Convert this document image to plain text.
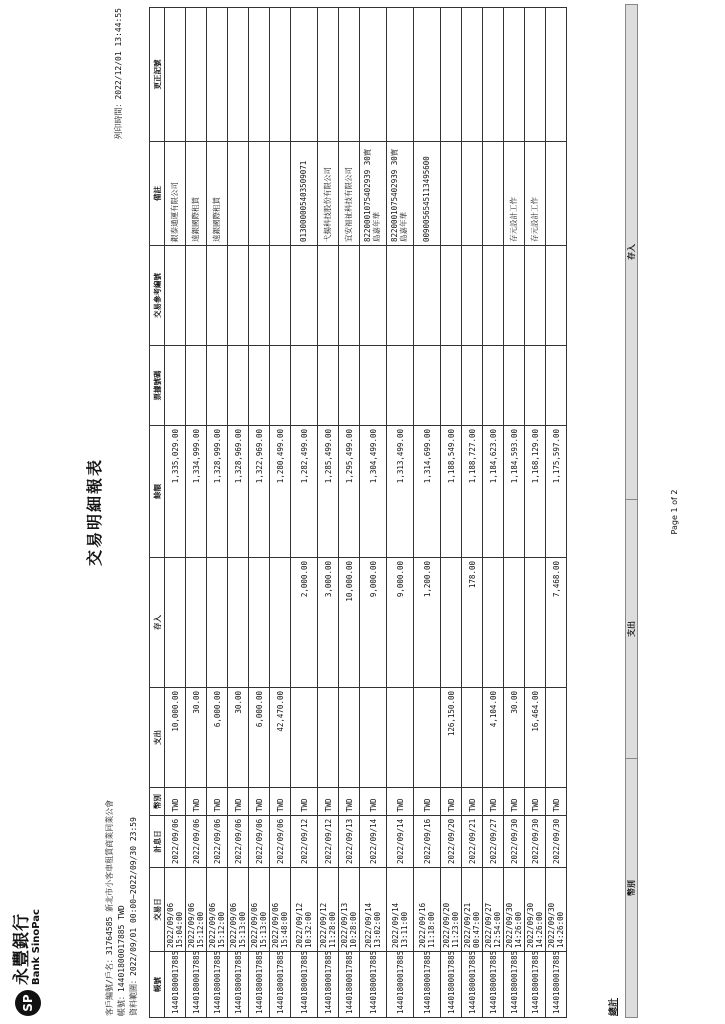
SP
永豐銀行
Bank SinoPac
交易明細報表
客戶編號/戶名：31764585 新北市小客車租賃商業同業公會 帳號：14401800017885 TWD 資料範圍：2022/09/01 00:00~2022/09/30 23:59
列印時間：2022/12/01 13:44:55
帳號	交易日	計息日	幣別	支出	存入	餘額	票據號碼	交易參考編號	備註	更正記號
14401800017885	2022/09/06 15:04:00	2022/09/06	TWD	10,000.00		1,335,029.00			銀泰通運有限公司	
14401800017885	2022/09/06 15:12:00	2022/09/06	TWD	30.00		1,334,999.00			遠銀國際租賃	
14401800017885	2022/09/06 15:12:00	2022/09/06	TWD	6,000.00		1,328,999.00			遠銀國際租賃	
14401800017885	2022/09/06 15:13:00	2022/09/06	TWD	30.00		1,328,969.00				
14401800017885	2022/09/06 15:13:00	2022/09/06	TWD	6,000.00		1,322,969.00				
14401800017885	2022/09/06 15:48:00	2022/09/06	TWD	42,470.00		1,280,499.00				
14401800017885	2022/09/12 10:32:00	2022/09/12	TWD		2,000.00	1,282,499.00			013000005403509071	
14401800017885	2022/09/12 11:28:00	2022/09/12	TWD		3,000.00	1,285,499.00			弋揚科技股份有限公司	
14401800017885	2022/09/13 10:28:00	2022/09/13	TWD		10,000.00	1,295,499.00			宜安福祉科技有限公司	
14401800017885	2022/09/14 13:02:00	2022/09/14	TWD		9,000.00	1,304,499.00			8220001075402939 30寶島嘉年華	
14401800017885	2022/09/14 13:11:00	2022/09/14	TWD		9,000.00	1,313,499.00			8220001075402939 30寶島嘉年華	
14401800017885	2022/09/16 11:18:00	2022/09/16	TWD		1,200.00	1,314,699.00			0090056545113495600	
14401800017885	2022/09/20 11:23:00	2022/09/20	TWD	126,150.00		1,188,549.00				
14401800017885	2022/09/21 00:47:00	2022/09/21	TWD		178.00	1,188,727.00				
14401800017885	2022/09/27 12:54:00	2022/09/27	TWD	4,104.00		1,184,623.00				
14401800017885	2022/09/30 14:26:00	2022/09/30	TWD	30.00		1,184,593.00			存元設計工作	
14401800017885	2022/09/30 14:26:00	2022/09/30	TWD	16,464.00		1,168,129.00			存元設計工作	
14401800017885	2022/09/30 14:26:00	2022/09/30	TWD		7,468.00	1,175,597.00				
總計
幣別	支出	存入
Page 1 of 2
